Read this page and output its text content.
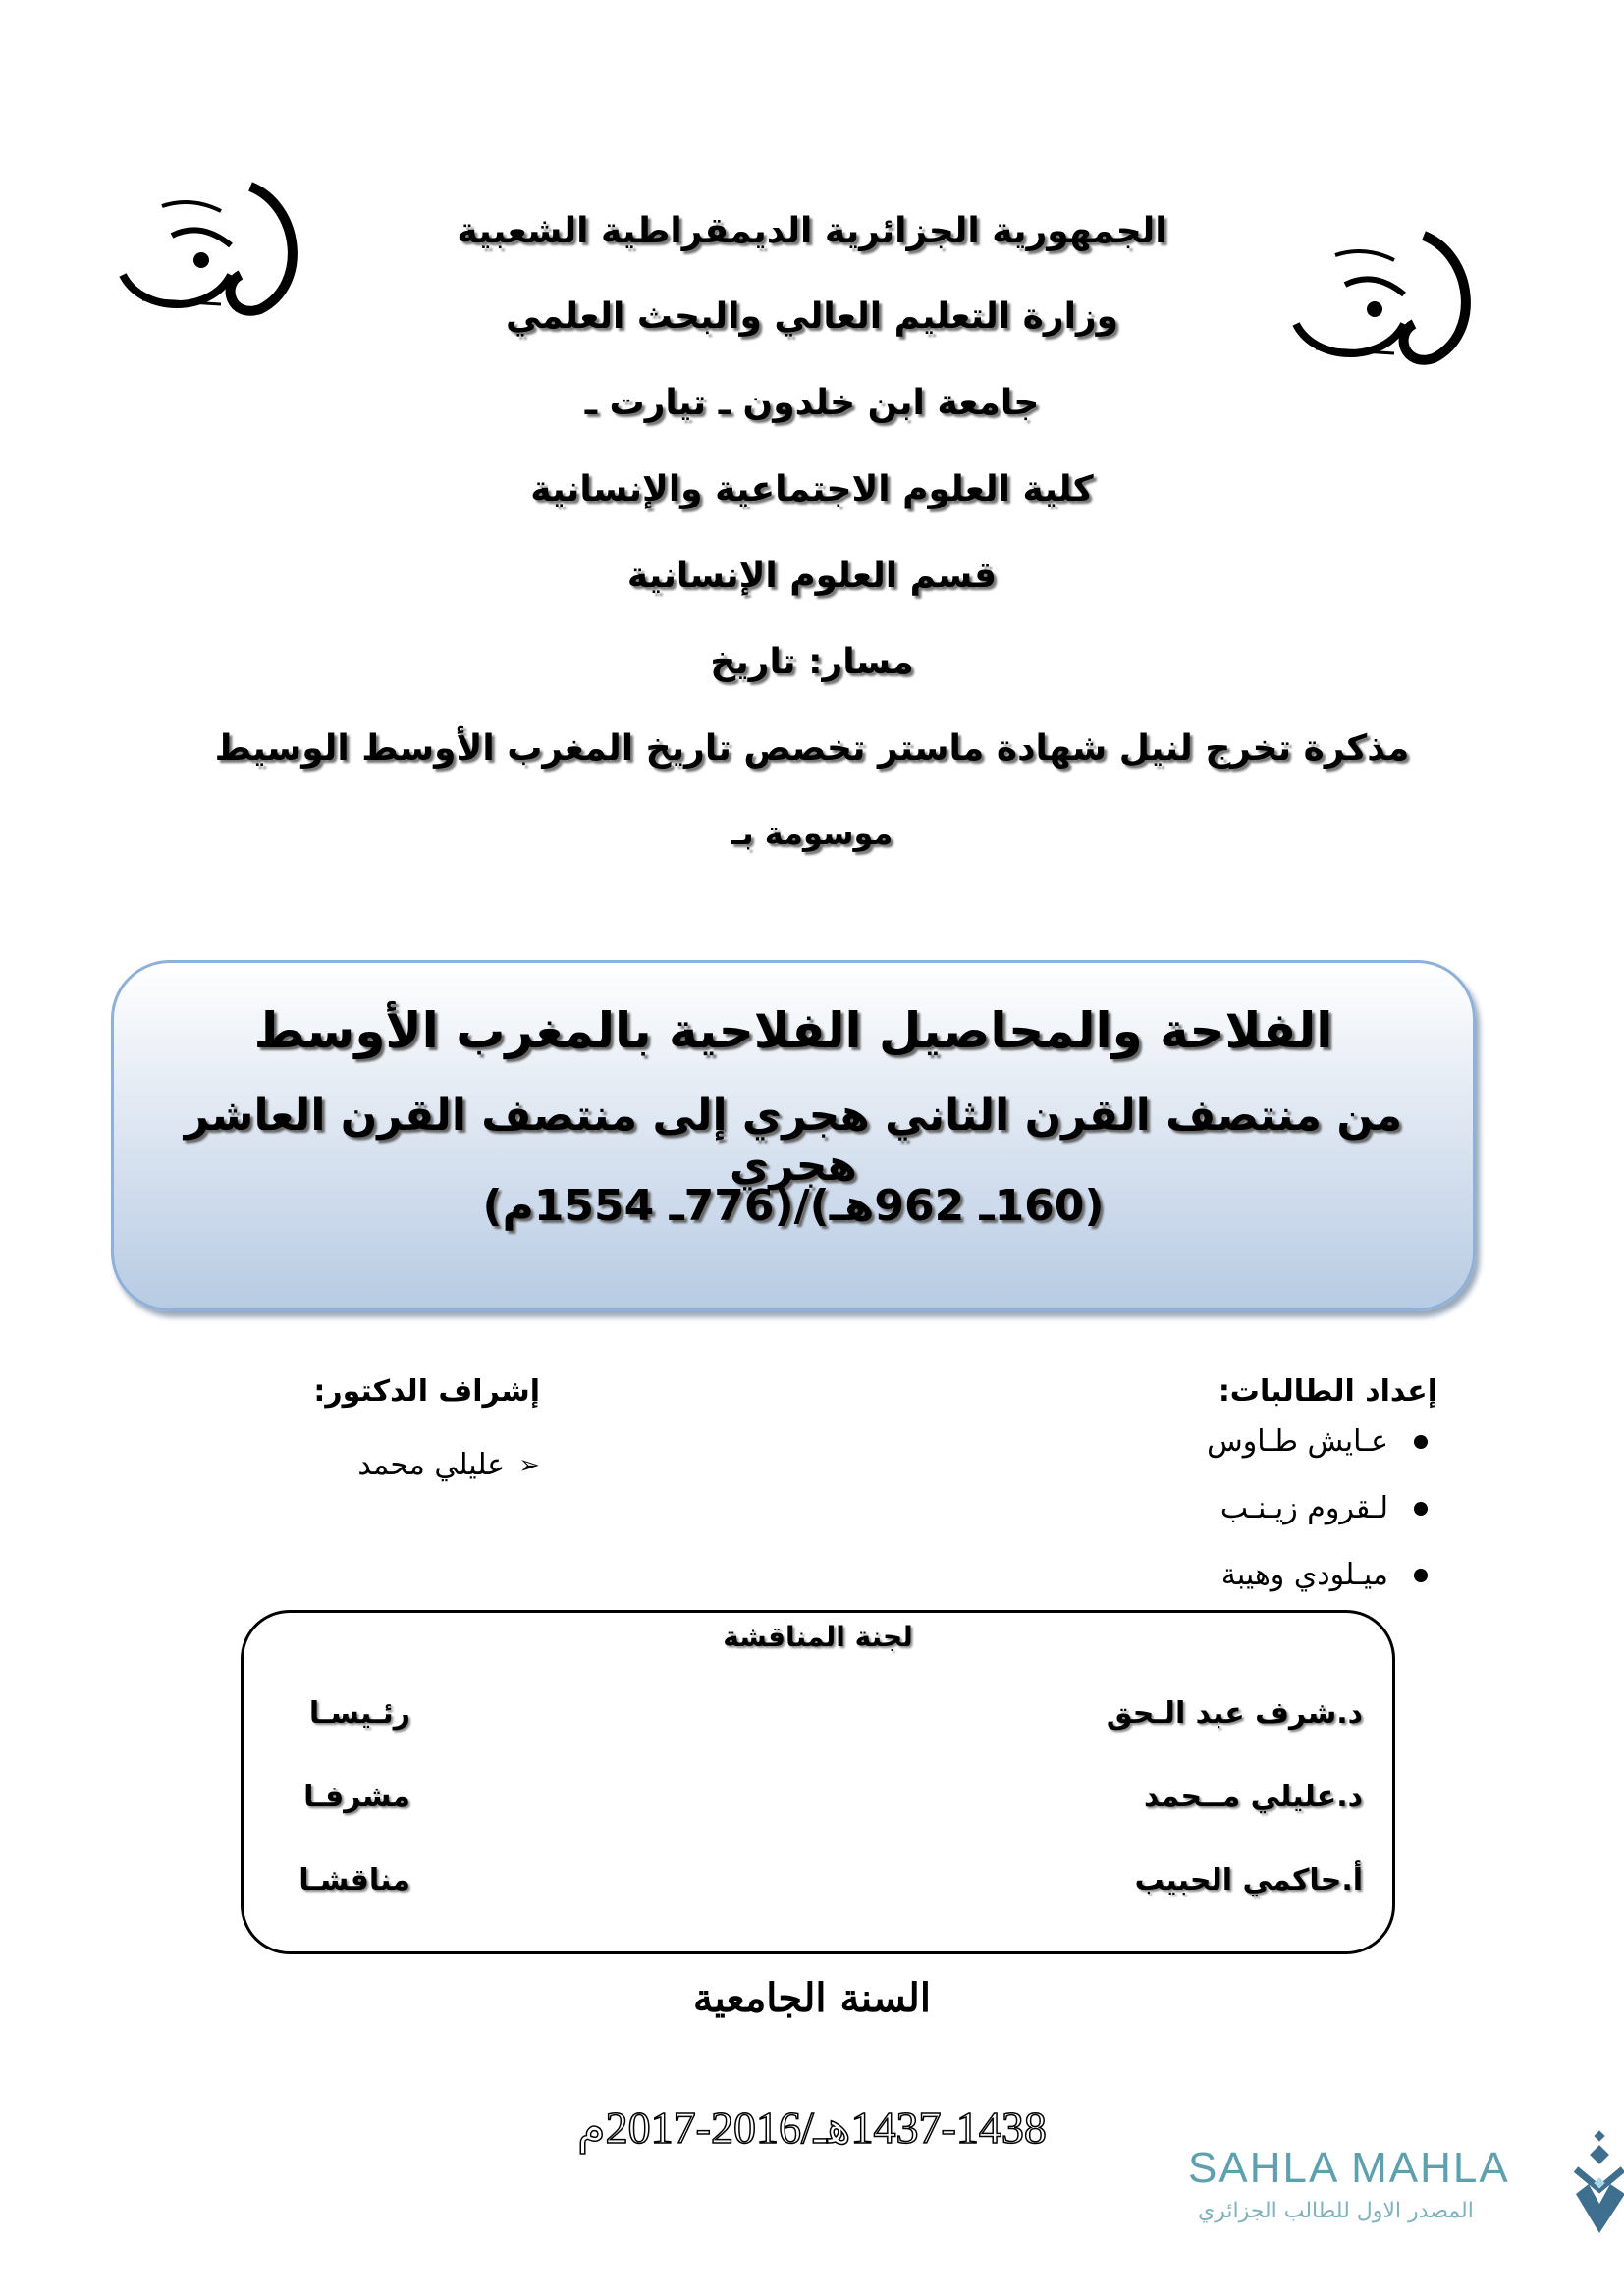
الجمهورية الجزائرية الديمقراطية الشعبية
وزارة التعليم العالي والبحث العلمي
جامعة ابن خلدون ـ تيارت ـ
كلية العلوم الاجتماعية والإنسانية
قسم العلوم الإنسانية
مسار: تاريخ
مذكرة تخرج لنيل شهادة ماستر تخصص تاريخ المغرب الأوسط الوسيط
موسومة بـ
الفلاحة والمحاصيل الفلاحية بالمغرب الأوسط
من منتصف القرن الثاني هجري إلى منتصف القرن العاشر هجري
(160ـ 962هـ)/(776ـ 1554م)
إعداد الطالبات:
عـايش طـاوس
لـقروم زيـنـب
ميـلودي وهيبة
إشراف الدكتور:
➢
عليلي محمد
لجنة المناقشة
د.شرف عبد الـحق
رئـيسـا
د.عليلي مــحمد
مشرفـا
أ.حاكمي الحبيب
مناقشـا
السنة الجامعية
1437-1438هـ/2016-2017م
SAHLA MAHLA
المصدر الاول للطالب الجزائري
